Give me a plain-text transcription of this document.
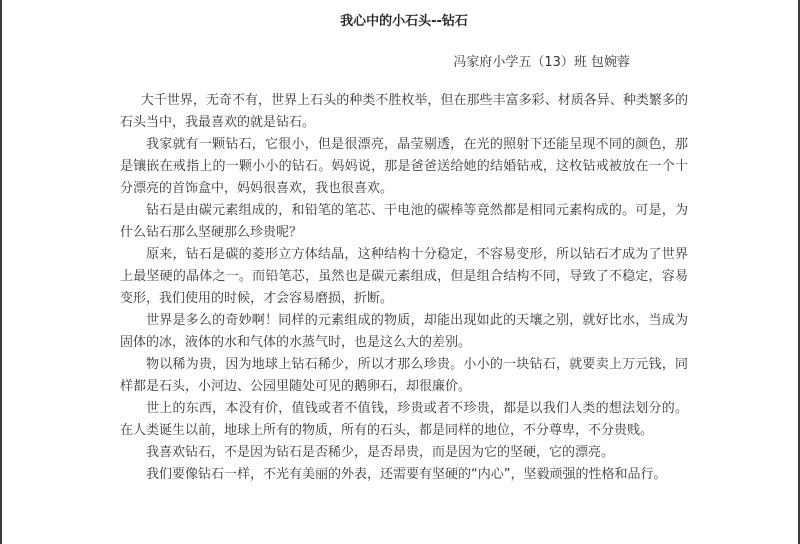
我心中的小石头--钻石
冯家府小学五（13）班 包婉蓉

大千世界，无奇不有，世界上石头的种类不胜枚举，但在那些丰富多彩、材质各异、种类繁多的石头当中，我最喜欢的就是钻石。

我家就有一颗钻石，它很小，但是很漂亮，晶莹剔透，在光的照射下还能呈现不同的颜色，那是镶嵌在戒指上的一颗小小的钻石。妈妈说，那是爸爸送给她的结婚钻戒，这枚钻戒被放在一个十分漂亮的首饰盒中，妈妈很喜欢，我也很喜欢。

钻石是由碳元素组成的，和铅笔的笔芯、干电池的碳棒等竟然都是相同元素构成的。可是，为什么钻石那么坚硬那么珍贵呢？

原来，钻石是碳的菱形立方体结晶，这种结构十分稳定，不容易变形，所以钻石才成为了世界上最坚硬的晶体之一。而铅笔芯，虽然也是碳元素组成，但是组合结构不同，导致了不稳定，容易变形，我们使用的时候，才会容易磨损，折断。

世界是多么的奇妙啊！同样的元素组成的物质，却能出现如此的天壤之别，就好比水，当成为固体的冰，液体的水和气体的水蒸气时，也是这么大的差别。

物以稀为贵，因为地球上钻石稀少，所以才那么珍贵。小小的一块钻石，就要卖上万元钱，同样都是石头，小河边、公园里随处可见的鹅卵石，却很廉价。

世上的东西，本没有价，值钱或者不值钱，珍贵或者不珍贵，都是以我们人类的想法划分的。在人类诞生以前，地球上所有的物质，所有的石头，都是同样的地位，不分尊卑，不分贵贱。

我喜欢钻石，不是因为钻石是否稀少，是否昂贵，而是因为它的坚硬，它的漂亮。

我们要像钻石一样，不光有美丽的外表，还需要有坚硬的“内心”，坚毅顽强的性格和品行。
